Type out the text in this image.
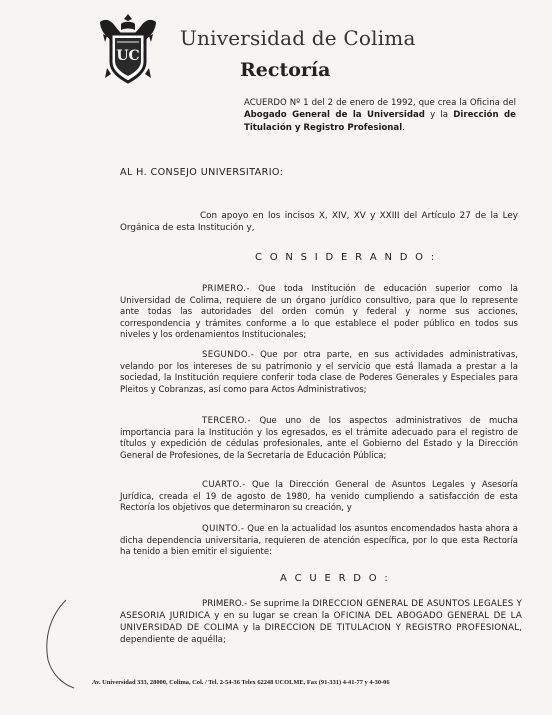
UC
Universidad de Colima
Rectoría
ACUERDO Nº 1 del 2 de enero de 1992, que crea la Oficina del Abogado General de la Universidad y la Dirección de Titulación y Registro Profesional.
AL H. CONSEJO UNIVERSITARIO:
Con apoyo en los incisos X, XIV, XV y XXIII del Artículo 27 de la Ley Orgánica de esta Institución y,
C O N S I D E R A N D O :
PRIMERO.- Que toda Institución de educación superior como la Universidad de Colima, requiere de un órgano jurídico consultivo, para que lo represente ante todas las autoridades del orden común y federal y norme sus acciones, correspondencia y trámites conforme a lo que establece el poder público en todos sus niveles y los ordenamientos Institucionales;
SEGUNDO.- Que por otra parte, en sus actividades administrativas, velando por los intereses de su patrimonio y el servicio que está llamada a prestar a la sociedad, la Institución requiere conferir toda clase de Poderes Generales y Especiales para Pleitos y Cobranzas, así como para Actos Administrativos;
TERCERO.- Que uno de los aspectos administrativos de mucha importancia para la Institución y los egresados, es el trámite adecuado para el registro de títulos y expedición de cédulas profesionales, ante el Gobierno del Estado y la Dirección General de Profesiones, de la Secretaría de Educación Pública;
CUARTO.- Que la Dirección General de Asuntos Legales y Asesoría Jurídica, creada el 19 de agosto de 1980, ha venido cumpliendo a satisfacción de esta Rectoría los objetivos que determinaron su creación, y
QUINTO.- Que en la actualidad los asuntos encomendados hasta ahora a dicha dependencia universitaria, requieren de atención específica, por lo que esta Rectoría ha tenido a bien emitir el siguiente:
A C U E R D O :
PRIMERO.- Se suprime la DIRECCION GENERAL DE ASUNTOS LEGALES Y ASESORIA JURIDICA y en su lugar se crean la OFICINA DEL ABOGADO GENERAL DE LA UNIVERSIDAD DE COLIMA y la DIRECCION DE TITULACION Y REGISTRO PROFESIONAL, dependiente de aquélla;
Av. Universidad 333, 28000, Colima, Col. / Tel. 2-54-36 Telex 62248 UCOLME, Fax (91-331) 4-41-77 y 4-30-06
